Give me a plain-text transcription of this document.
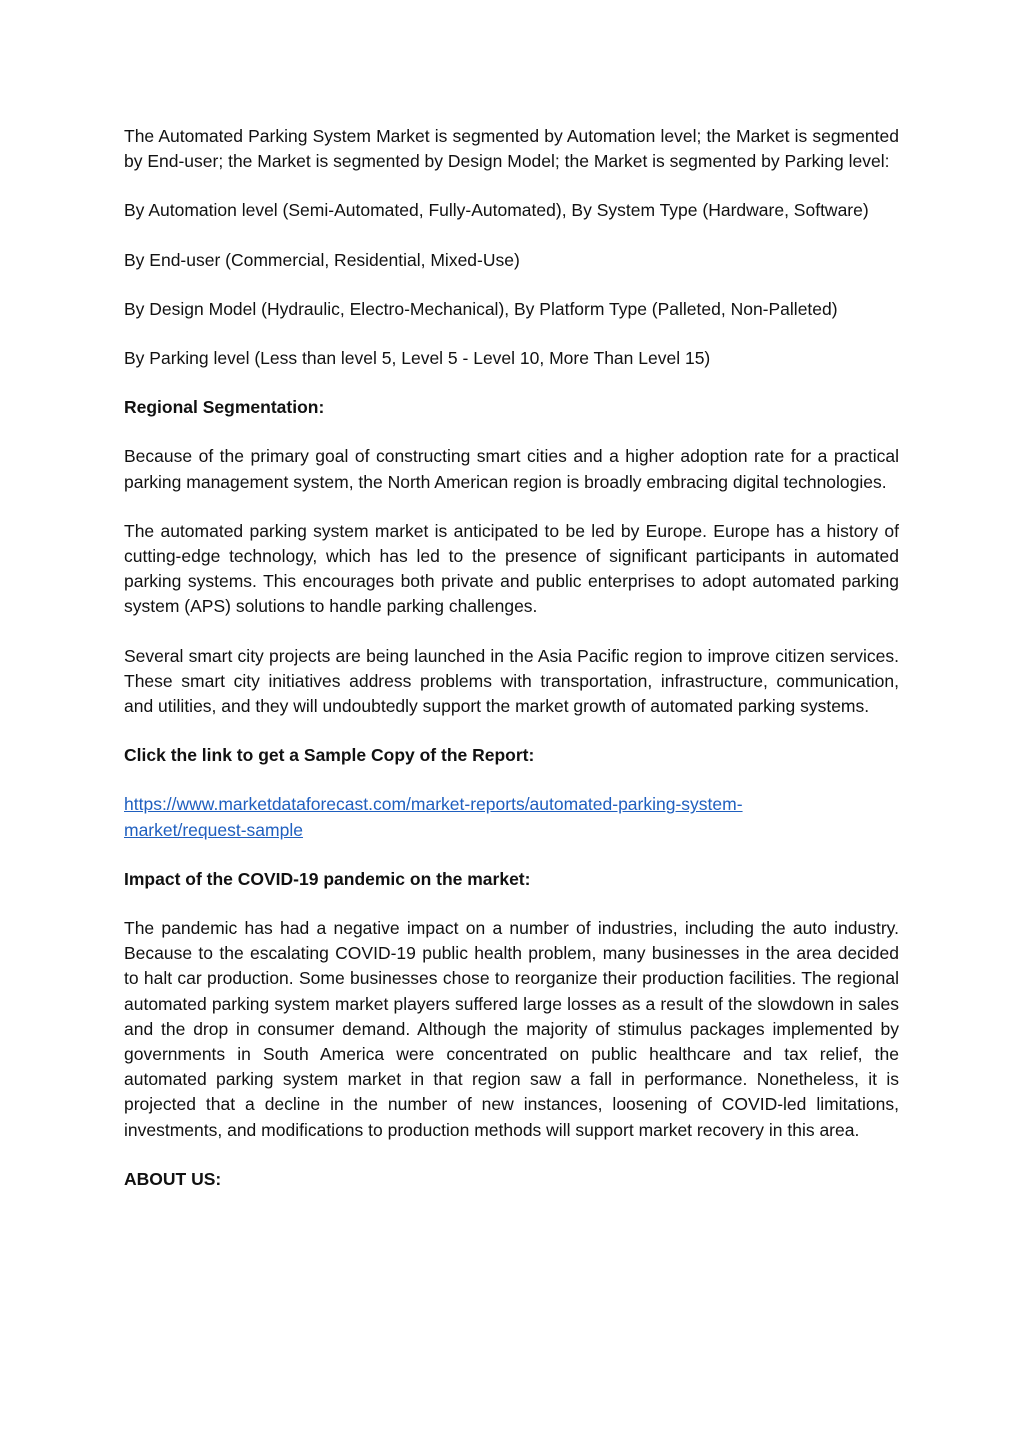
The Automated Parking System Market is segmented by Automation level; the Market is segmented by End-user; the Market is segmented by Design Model; the Market is segmented by Parking level:

By Automation level (Semi-Automated, Fully-Automated), By System Type (Hardware, Software)

By End-user (Commercial, Residential, Mixed-Use)

By Design Model (Hydraulic, Electro-Mechanical), By Platform Type (Palleted, Non-Palleted)

By Parking level (Less than level 5, Level 5 - Level 10, More Than Level 15)

Regional Segmentation:

Because of the primary goal of constructing smart cities and a higher adoption rate for a practical parking management system, the North American region is broadly embracing digital technologies.

The automated parking system market is anticipated to be led by Europe. Europe has a history of cutting-edge technology, which has led to the presence of significant participants in automated parking systems. This encourages both private and public enterprises to adopt automated parking system (APS) solutions to handle parking challenges.

Several smart city projects are being launched in the Asia Pacific region to improve citizen services. These smart city initiatives address problems with transportation, infrastructure, communication, and utilities, and they will undoubtedly support the market growth of automated parking systems.

Click the link to get a Sample Copy of the Report:

https://www.marketdataforecast.com/market-reports/automated-parking-system-
market/request-sample

Impact of the COVID-19 pandemic on the market:

The pandemic has had a negative impact on a number of industries, including the auto industry. Because to the escalating COVID-19 public health problem, many businesses in the area decided to halt car production. Some businesses chose to reorganize their production facilities. The regional automated parking system market players suffered large losses as a result of the slowdown in sales and the drop in consumer demand. Although the majority of stimulus packages implemented by governments in South America were concentrated on public healthcare and tax relief, the automated parking system market in that region saw a fall in performance. Nonetheless, it is projected that a decline in the number of new instances, loosening of COVID-led limitations, investments, and modifications to production methods will support market recovery in this area.

ABOUT US:
